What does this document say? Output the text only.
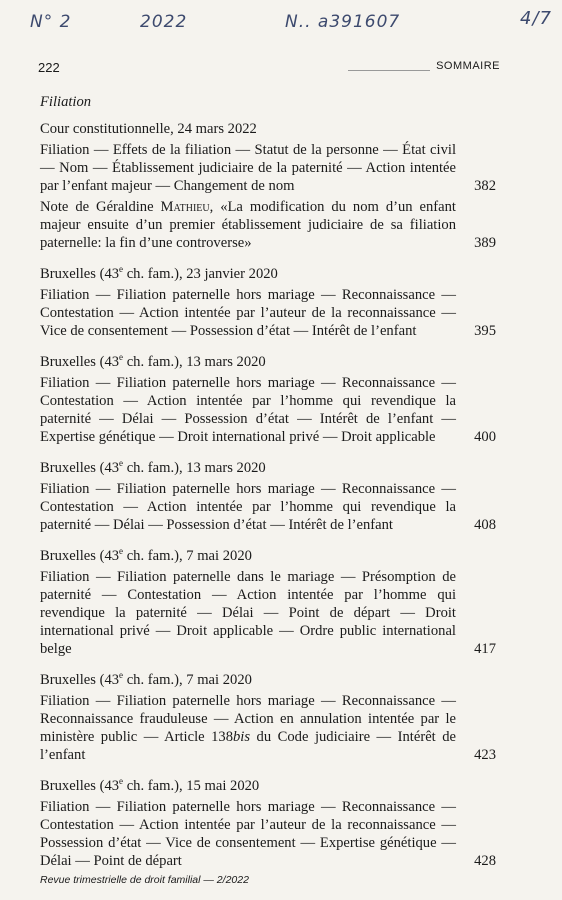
N° 2	2022	N.. a391607	4/7
222	SOMMAIRE
Filiation
Cour constitutionnelle, 24 mars 2022
Filiation — Effets de la filiation — Statut de la personne — État civil — Nom — Établissement judiciaire de la paternité — Action intentée par l’enfant majeur — Changement de nom	382
Note de Géraldine Mathieu, «La modification du nom d’un enfant majeur ensuite d’un premier établissement judiciaire de sa filiation paternelle: la fin d’une controverse»	389
Bruxelles (43e ch. fam.), 23 janvier 2020
Filiation — Filiation paternelle hors mariage — Reconnaissance — Contestation — Action intentée par l’auteur de la reconnaissance — Vice de consentement — Possession d’état — Intérêt de l’enfant	395
Bruxelles (43e ch. fam.), 13 mars 2020
Filiation — Filiation paternelle hors mariage — Reconnaissance — Contestation — Action intentée par l’homme qui revendique la paternité — Délai — Possession d’état — Intérêt de l’enfant — Expertise génétique — Droit international privé — Droit applicable	400
Bruxelles (43e ch. fam.), 13 mars 2020
Filiation — Filiation paternelle hors mariage — Reconnaissance — Contestation — Action intentée par l’homme qui revendique la paternité — Délai — Possession d’état — Intérêt de l’enfant	408
Bruxelles (43e ch. fam.), 7 mai 2020
Filiation — Filiation paternelle dans le mariage — Présomption de paternité — Contestation — Action intentée par l’homme qui revendique la paternité — Délai — Point de départ — Droit international privé — Droit applicable — Ordre public international belge	417
Bruxelles (43e ch. fam.), 7 mai 2020
Filiation — Filiation paternelle hors mariage — Reconnaissance — Reconnaissance frauduleuse — Action en annulation intentée par le ministère public — Article 138bis du Code judiciaire — Intérêt de l’enfant	423
Bruxelles (43e ch. fam.), 15 mai 2020
Filiation — Filiation paternelle hors mariage — Reconnaissance — Contestation — Action intentée par l’auteur de la reconnaissance — Possession d’état — Vice de consentement — Expertise génétique — Délai — Point de départ	428
Revue trimestrielle de droit familial — 2/2022
